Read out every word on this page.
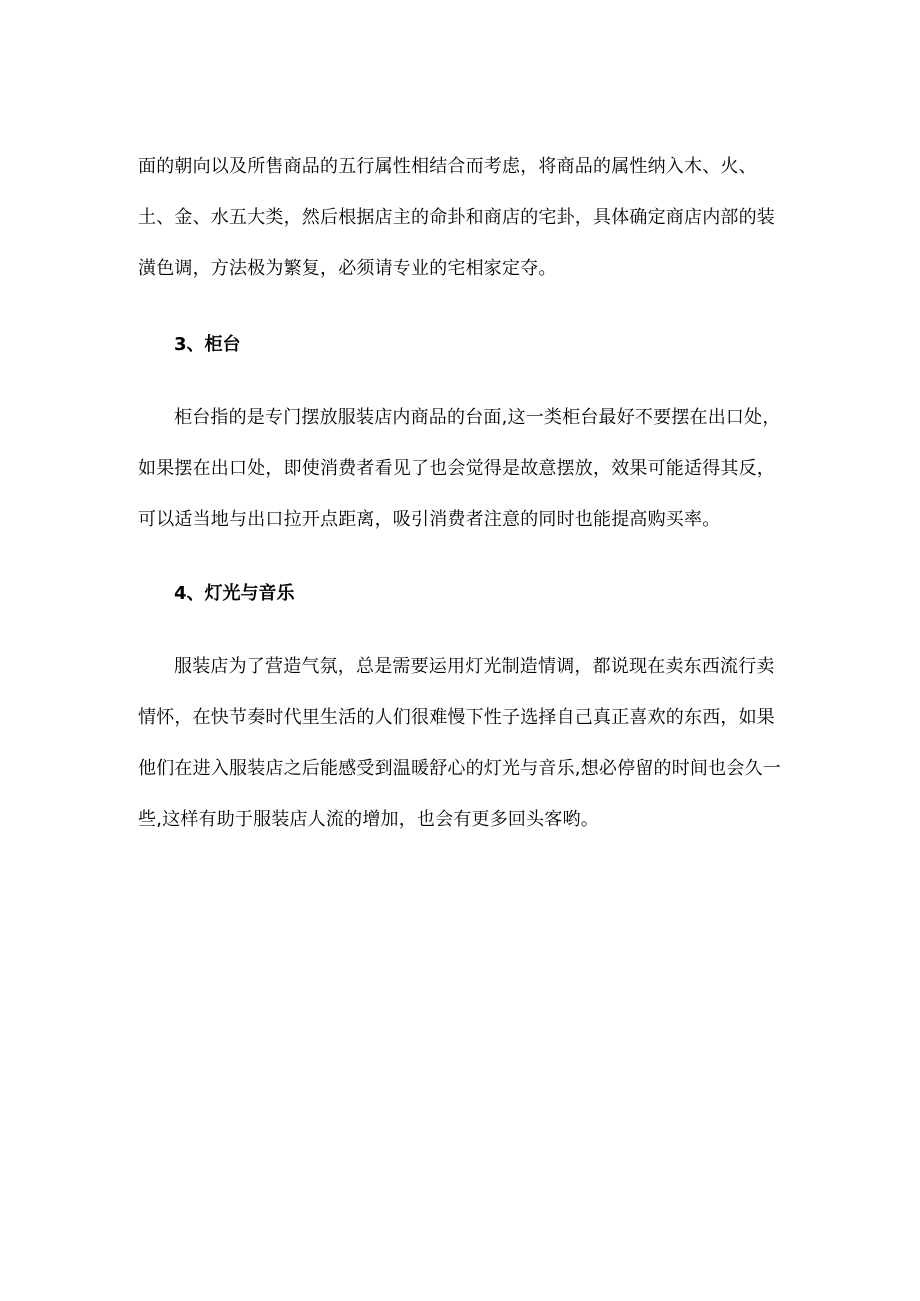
面的朝向以及所售商品的五行属性相结合而考虑，将商品的属性纳入木、火、土、金、水五大类，然后根据店主的命卦和商店的宅卦，具体确定商店内部的装潢色调，方法极为繁复，必须请专业的宅相家定夺。

3、柜台

柜台指的是专门摆放服装店内商品的台面,这一类柜台最好不要摆在出口处，如果摆在出口处，即使消费者看见了也会觉得是故意摆放，效果可能适得其反，可以适当地与出口拉开点距离，吸引消费者注意的同时也能提高购买率。

4、灯光与音乐

服装店为了营造气氛，总是需要运用灯光制造情调，都说现在卖东西流行卖情怀，在快节奏时代里生活的人们很难慢下性子选择自己真正喜欢的东西，如果他们在进入服装店之后能感受到温暖舒心的灯光与音乐,想必停留的时间也会久一些,这样有助于服装店人流的增加，也会有更多回头客哟。
